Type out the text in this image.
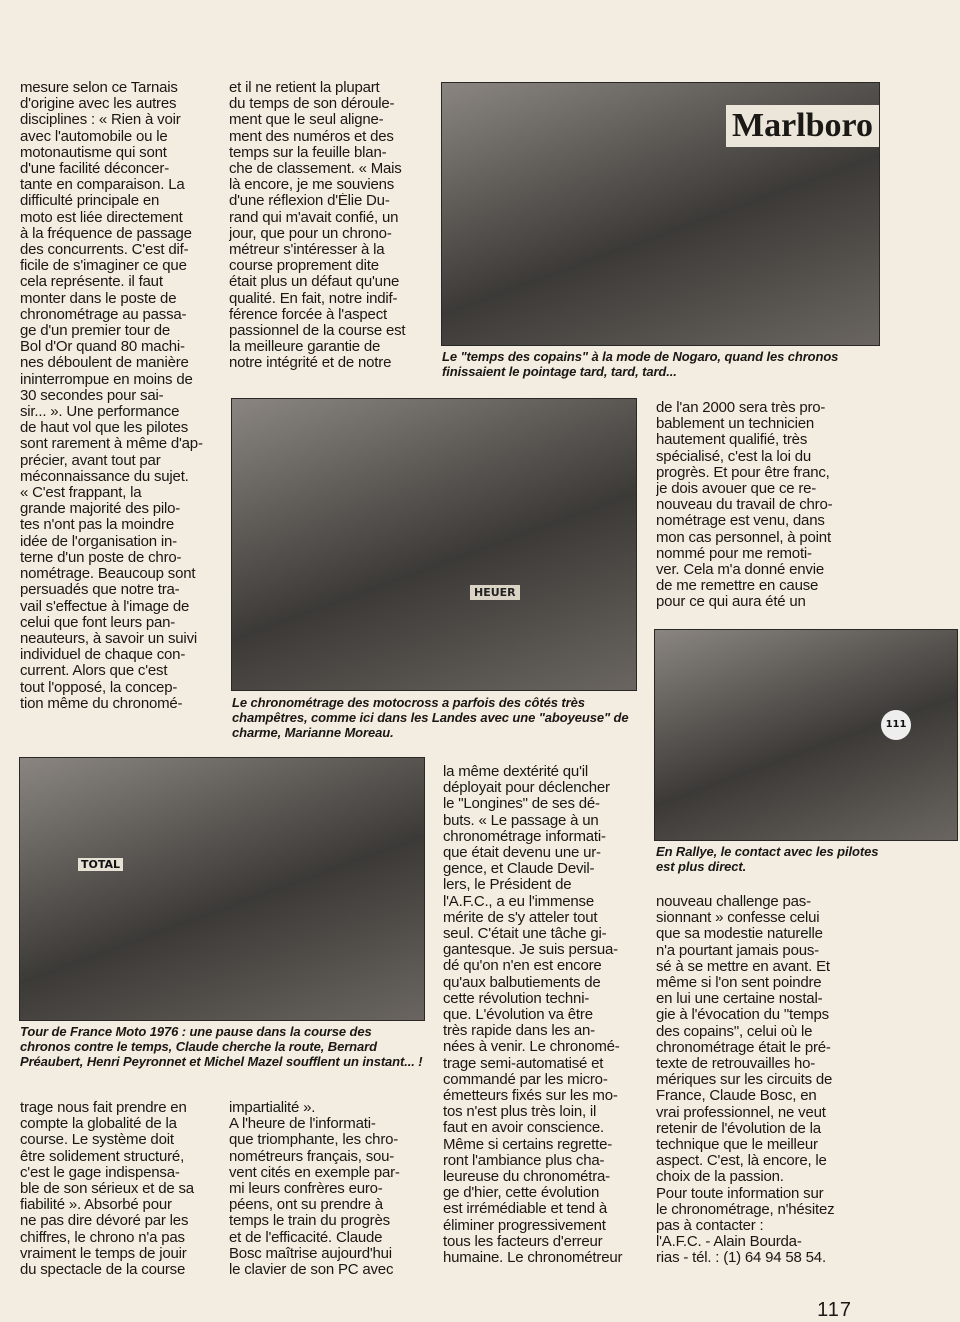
mesure selon ce Tarnais
d'origine avec les autres
disciplines : « Rien à voir
avec l'automobile ou le
motonautisme qui sont
d'une facilité déconcer-
tante en comparaison. La
difficulté principale en
moto est liée directement
à la fréquence de passage
des concurrents. C'est dif-
ficile de s'imaginer ce que
cela représente. il faut
monter dans le poste de
chronométrage au passa-
ge d'un premier tour de
Bol d'Or quand 80 machi-
nes déboulent de manière
ininterrompue en moins de
30 secondes pour sai-
sir... ». Une performance
de haut vol que les pilotes
sont rarement à même d'ap-
précier, avant tout par
méconnaissance du sujet.
« C'est frappant, la
grande majorité des pilo-
tes n'ont pas la moindre
idée de l'organisation in-
terne d'un poste de chro-
nométrage. Beaucoup sont
persuadés que notre tra-
vail s'effectue à l'image de
celui que font leurs pan-
neauteurs, à savoir un suivi
individuel de chaque con-
current. Alors que c'est
tout l'opposé, la concep-
tion même du chronomé-
et il ne retient la plupart
du temps de son déroule-
ment que le seul aligne-
ment des numéros et des
temps sur la feuille blan-
che de classement. « Mais
là encore, je me souviens
d'une réflexion d'Élie Du-
rand qui m'avait confié, un
jour, que pour un chrono-
métreur s'intéresser à la
course proprement dite
était plus un défaut qu'une
qualité. En fait, notre indif-
férence forcée à l'aspect
passionnel de la course est
la meilleure garantie de
notre intégrité et de notre
Marlboro
Le "temps des copains" à la mode de Nogaro, quand les chronos finissaient le pointage tard, tard, tard...
HEUER
Le chronométrage des motocross a parfois des côtés très champêtres, comme ici dans les Landes avec une "aboyeuse" de charme, Marianne Moreau.
de l'an 2000 sera très pro-
bablement un technicien
hautement qualifié, très
spécialisé, c'est la loi du
progrès. Et pour être franc,
je dois avouer que ce re-
nouveau du travail de chro-
nométrage est venu, dans
mon cas personnel, à point
nommé pour me remoti-
ver. Cela m'a donné envie
de me remettre en cause
pour ce qui aura été un
111
En Rallye, le contact avec les pilotes est plus direct.
TOTAL
Tour de France Moto 1976 : une pause dans la course des chronos contre le temps, Claude cherche la route, Bernard Préaubert, Henri Peyronnet et Michel Mazel soufflent un instant... !
la même dextérité qu'il
déployait pour déclencher
le "Longines" de ses dé-
buts. « Le passage à un
chronométrage informati-
que était devenu une ur-
gence, et Claude Devil-
lers, le Président de
l'A.F.C., a eu l'immense
mérite de s'y atteler tout
seul. C'était une tâche gi-
gantesque. Je suis persua-
dé qu'on n'en est encore
qu'aux balbutiements de
cette révolution techni-
que. L'évolution va être
très rapide dans les an-
nées à venir. Le chronomé-
trage semi-automatisé et
commandé par les micro-
émetteurs fixés sur les mo-
tos n'est plus très loin, il
faut en avoir conscience.
Même si certains regrette-
ront l'ambiance plus cha-
leureuse du chronométra-
ge d'hier, cette évolution
est irrémédiable et tend à
éliminer progressivement
tous les facteurs d'erreur
humaine. Le chronométreur
nouveau challenge pas-
sionnant » confesse celui
que sa modestie naturelle
n'a pourtant jamais pous-
sé à se mettre en avant. Et
même si l'on sent poindre
en lui une certaine nostal-
gie à l'évocation du "temps
des copains", celui où le
chronométrage était le pré-
texte de retrouvailles ho-
mériques sur les circuits de
France, Claude Bosc, en
vrai professionnel, ne veut
retenir de l'évolution de la
technique que le meilleur
aspect. C'est, là encore, le
choix de la passion.
Pour toute information sur
le chronométrage, n'hésitez
pas à contacter :
l'A.F.C. - Alain Bourda-
rias - tél. : (1) 64 94 58 54.
trage nous fait prendre en
compte la globalité de la
course. Le système doit
être solidement structuré,
c'est le gage indispensa-
ble de son sérieux et de sa
fiabilité ». Absorbé pour
ne pas dire dévoré par les
chiffres, le chrono n'a pas
vraiment le temps de jouir
du spectacle de la course
impartialité ».
A l'heure de l'informati-
que triomphante, les chro-
nométreurs français, sou-
vent cités en exemple par-
mi leurs confrères euro-
péens, ont su prendre à
temps le train du progrès
et de l'efficacité. Claude
Bosc maîtrise aujourd'hui
le clavier de son PC avec
117
